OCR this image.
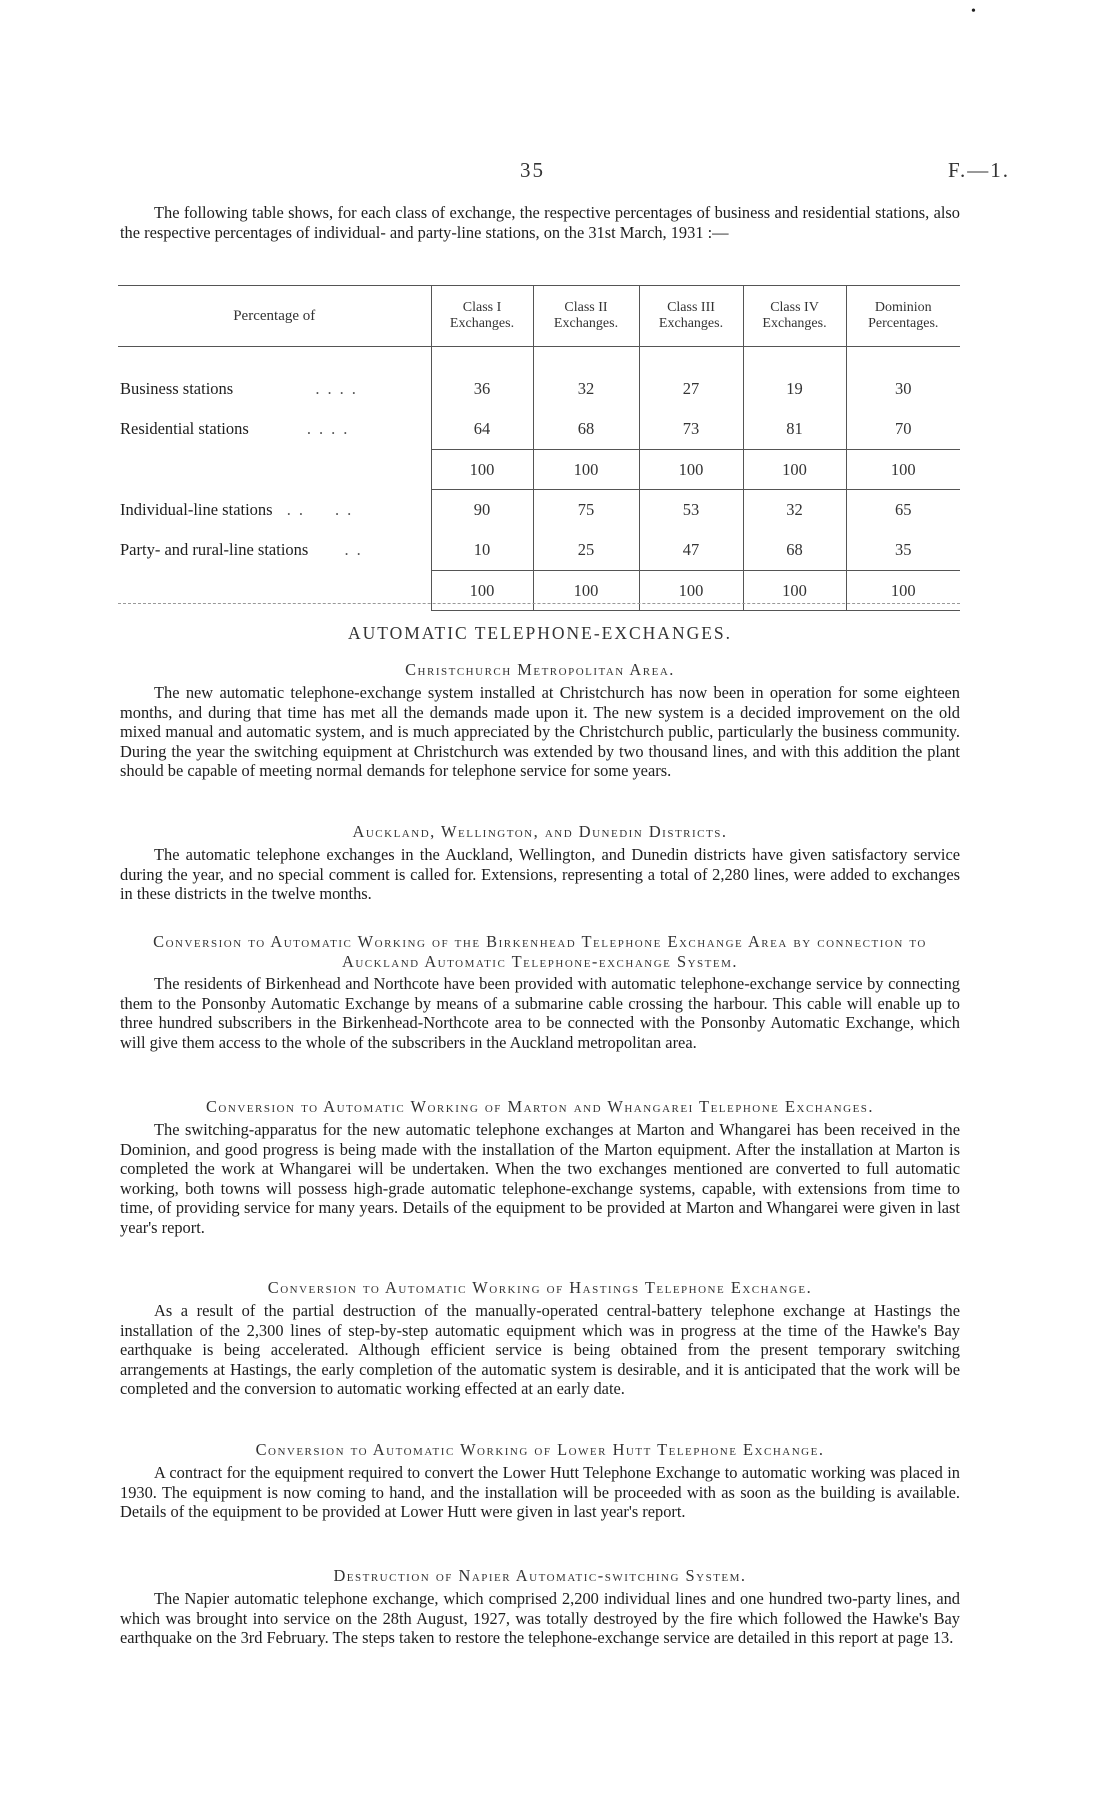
•
35	F.—1.
The following table shows, for each class of exchange, the respective percentages of business and residential stations, also the respective percentages of individual- and party-line stations, on the 31st March, 1931 :—
Percentage of	Class I Exchanges.	Class II Exchanges.	Class III Exchanges.	Class IV Exchanges.	Dominion Percentages.

Business stations ....	36	32	27	19	30
Residential stations ....	64	68	73	81	70
	100	100	100	100	100
Individual-line stations .. ..	90	75	53	32	65
Party- and rural-line stations ..	10	25	47	68	35
	100	100	100	100	100
AUTOMATIC TELEPHONE-EXCHANGES.
Christchurch Metropolitan Area.
The new automatic telephone-exchange system installed at Christchurch has now been in operation for some eighteen months, and during that time has met all the demands made upon it. The new system is a decided improvement on the old mixed manual and automatic system, and is much appreciated by the Christchurch public, particularly the business community. During the year the switching equipment at Christchurch was extended by two thousand lines, and with this addition the plant should be capable of meeting normal demands for telephone service for some years.
Auckland, Wellington, and Dunedin Districts.
The automatic telephone exchanges in the Auckland, Wellington, and Dunedin districts have given satisfactory service during the year, and no special comment is called for. Extensions, representing a total of 2,280 lines, were added to exchanges in these districts in the twelve months.
Conversion to Automatic Working of the Birkenhead Telephone Exchange Area by connection to Auckland Automatic Telephone-exchange System.
The residents of Birkenhead and Northcote have been provided with automatic telephone-exchange service by connecting them to the Ponsonby Automatic Exchange by means of a submarine cable crossing the harbour. This cable will enable up to three hundred subscribers in the Birkenhead-Northcote area to be connected with the Ponsonby Automatic Exchange, which will give them access to the whole of the subscribers in the Auckland metropolitan area.
Conversion to Automatic Working of Marton and Whangarei Telephone Exchanges.
The switching-apparatus for the new automatic telephone exchanges at Marton and Whangarei has been received in the Dominion, and good progress is being made with the installation of the Marton equipment. After the installation at Marton is completed the work at Whangarei will be undertaken. When the two exchanges mentioned are converted to full automatic working, both towns will possess high-grade automatic telephone-exchange systems, capable, with extensions from time to time, of providing service for many years. Details of the equipment to be provided at Marton and Whangarei were given in last year's report.
Conversion to Automatic Working of Hastings Telephone Exchange.
As a result of the partial destruction of the manually-operated central-battery telephone exchange at Hastings the installation of the 2,300 lines of step-by-step automatic equipment which was in progress at the time of the Hawke's Bay earthquake is being accelerated. Although efficient service is being obtained from the present temporary switching arrangements at Hastings, the early completion of the automatic system is desirable, and it is anticipated that the work will be completed and the conversion to automatic working effected at an early date.
Conversion to Automatic Working of Lower Hutt Telephone Exchange.
A contract for the equipment required to convert the Lower Hutt Telephone Exchange to automatic working was placed in 1930. The equipment is now coming to hand, and the installation will be proceeded with as soon as the building is available. Details of the equipment to be provided at Lower Hutt were given in last year's report.
Destruction of Napier Automatic-switching System.
The Napier automatic telephone exchange, which comprised 2,200 individual lines and one hundred two-party lines, and which was brought into service on the 28th August, 1927, was totally destroyed by the fire which followed the Hawke's Bay earthquake on the 3rd February. The steps taken to restore the telephone-exchange service are detailed in this report at page 13.
